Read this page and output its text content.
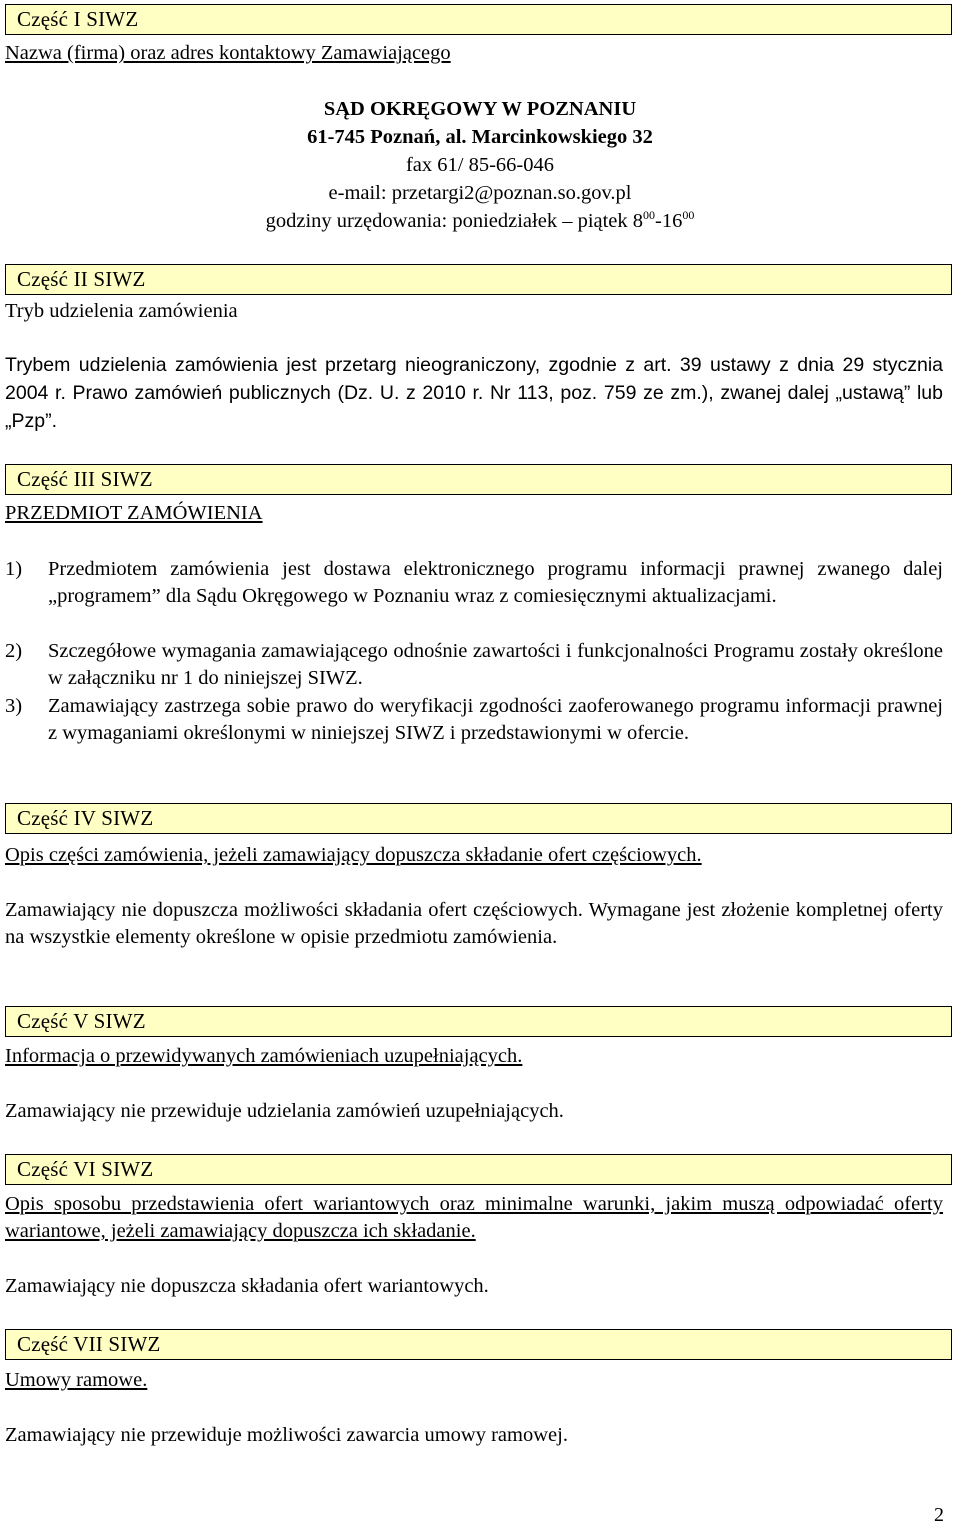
Część I SIWZ
Nazwa (firma) oraz adres kontaktowy Zamawiającego
SĄD OKRĘGOWY W POZNANIU
61-745 Poznań, al. Marcinkowskiego 32
fax 61/ 85-66-046
e-mail: przetargi2@poznan.so.gov.pl
godziny urzędowania: poniedziałek – piątek $8^{00}-16^{00}$
Część II SIWZ
Tryb udzielenia zamówienia
Trybem udzielenia zamówienia jest przetarg nieograniczony, zgodnie z art. 39 ustawy z dnia 29 stycznia 2004 r. Prawo zamówień publicznych (Dz. U. z 2010 r. Nr 113, poz. 759 ze zm.), zwanej dalej „ustawą” lub „Pzp”.
Część III SIWZ
PRZEDMIOT ZAMÓWIENIA
1) Przedmiotem zamówienia jest dostawa elektronicznego programu informacji prawnej zwanego dalej „programem” dla Sądu Okręgowego w Poznaniu wraz z comiesięcznymi aktualizacjami.
2) Szczegółowe wymagania zamawiającego odnośnie zawartości i funkcjonalności Programu zostały określone w załączniku nr 1 do niniejszej SIWZ.
3) Zamawiający zastrzega sobie prawo do weryfikacji zgodności zaoferowanego programu informacji prawnej z wymaganiami określonymi w niniejszej SIWZ i przedstawionymi w ofercie.
Część IV SIWZ
Opis części zamówienia, jeżeli zamawiający dopuszcza składanie ofert częściowych.
Zamawiający nie dopuszcza możliwości składania ofert częściowych. Wymagane jest złożenie kompletnej oferty na wszystkie elementy określone w opisie przedmiotu zamówienia.
Część V SIWZ
Informacja o przewidywanych zamówieniach uzupełniających.
Zamawiający nie przewiduje udzielania zamówień uzupełniających.
Część VI SIWZ
Opis sposobu przedstawienia ofert wariantowych oraz minimalne warunki, jakim muszą odpowiadać oferty wariantowe, jeżeli zamawiający dopuszcza ich składanie.
Zamawiający nie dopuszcza składania ofert wariantowych.
Część VII SIWZ
Umowy ramowe.
Zamawiający nie przewiduje możliwości zawarcia umowy ramowej.
2
